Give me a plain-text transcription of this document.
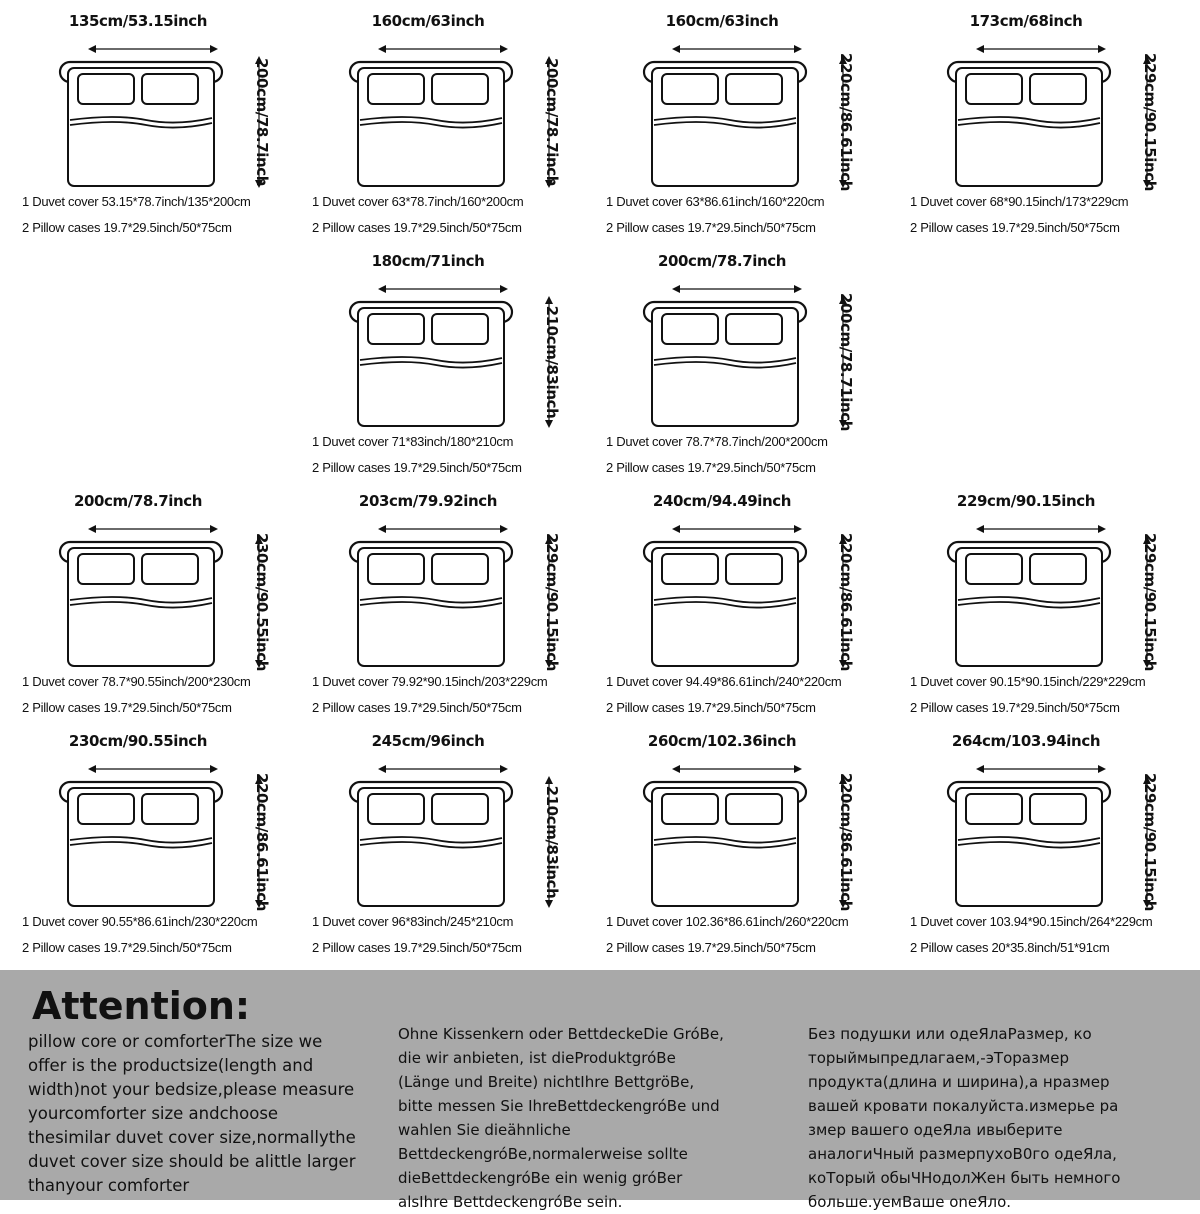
135cm/53.15inch
200cm/78.7inch
1 Duvet cover 53.15*78.7inch/135*200cm
2 Pillow cases 19.7*29.5inch/50*75cm
160cm/63inch
200cm/78.7inch
1 Duvet cover 63*78.7inch/160*200cm
2 Pillow cases 19.7*29.5inch/50*75cm
160cm/63inch
220cm/86.61inch
1 Duvet cover 63*86.61inch/160*220cm
2 Pillow cases 19.7*29.5inch/50*75cm
173cm/68inch
229cm/90.15inch
1 Duvet cover 68*90.15inch/173*229cm
2 Pillow cases 19.7*29.5inch/50*75cm
180cm/71inch
210cm/83inch
1 Duvet cover 71*83inch/180*210cm
2 Pillow cases 19.7*29.5inch/50*75cm
200cm/78.7inch
200cm/78.71inch
1 Duvet cover 78.7*78.7inch/200*200cm
2 Pillow cases 19.7*29.5inch/50*75cm
200cm/78.7inch
230cm/90.55inch
1 Duvet cover 78.7*90.55inch/200*230cm
2 Pillow cases 19.7*29.5inch/50*75cm
203cm/79.92inch
229cm/90.15inch
1 Duvet cover 79.92*90.15inch/203*229cm
2 Pillow cases 19.7*29.5inch/50*75cm
240cm/94.49inch
220cm/86.61inch
1 Duvet cover 94.49*86.61inch/240*220cm
2 Pillow cases 19.7*29.5inch/50*75cm
229cm/90.15inch
229cm/90.15inch
1 Duvet cover 90.15*90.15inch/229*229cm
2 Pillow cases 19.7*29.5inch/50*75cm
230cm/90.55inch
220cm/86.61inch
1 Duvet cover 90.55*86.61inch/230*220cm
2 Pillow cases 19.7*29.5inch/50*75cm
245cm/96inch
210cm/83inch
1 Duvet cover 96*83inch/245*210cm
2 Pillow cases 19.7*29.5inch/50*75cm
260cm/102.36inch
220cm/86.61inch
1 Duvet cover 102.36*86.61inch/260*220cm
2 Pillow cases 19.7*29.5inch/50*75cm
264cm/103.94inch
229cm/90.15inch
1 Duvet cover 103.94*90.15inch/264*229cm
2 Pillow cases 20*35.8inch/51*91cm
Attention:
pillow core or comforterThe size we
offer is the productsize(length and
width)not your bedsize,please measure
yourcomforter size andchoose
thesimilar duvet cover size,normallythe
duvet cover size should be alittle larger
thanyour comforter
Ohne Kissenkern oder BettdeckeDie GróBe,
die wir anbieten, ist dieProduktgróBe
(Länge und Breite) nichtIhre BettgröBe,
bitte messen Sie IhreBettdeckengróBe und
wahlen Sie dieähnliche
BettdeckengróBe,normalerweise sollte
dieBettdeckengróBe ein wenig gróBer
alsIhre BettdeckengróBe sein.
Без подушки или одеЯлаРазмер, ко
торыймыпредлагаем,-эТоразмер
продукта(длина и ширина),а нразмер
вашей кровати покалуйста.измерье ра
змер вашего одеЯла ивыберите
аналогиЧный размерпухоВ0го одеЯла,
коТорый обыЧНодолЖен быть немного
больше.уемВаше оnеЯло.
